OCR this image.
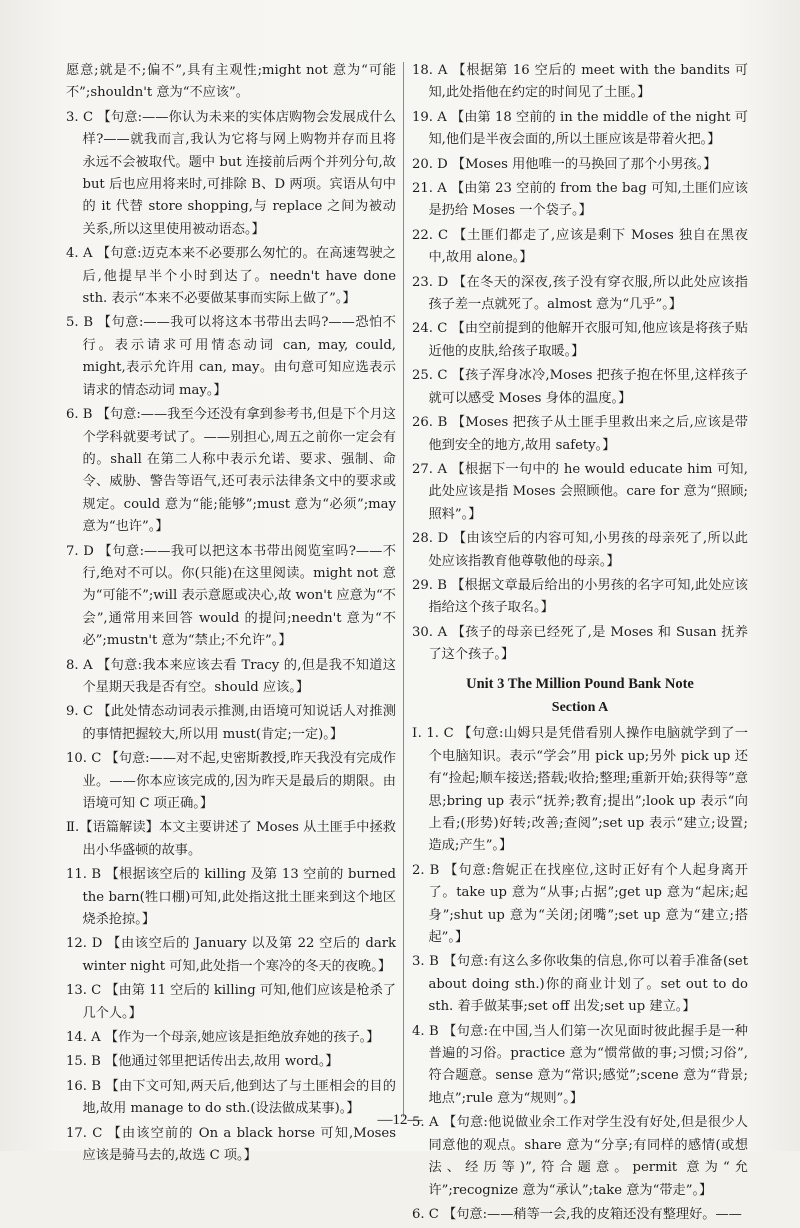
愿意;就是不;偏不”,具有主观性;might not 意为“可能不”;shouldn't 意为“不应该”。
3. C 【句意:——你认为未来的实体店购物会发展成什么样?——就我而言,我认为它将与网上购物并存而且将永远不会被取代。题中 but 连接前后两个并列分句,故 but 后也应用将来时,可排除 B、D 两项。宾语从句中的 it 代替 store shopping,与 replace 之间为被动关系,所以这里使用被动语态。】
4. A 【句意:迈克本来不必要那么匆忙的。在高速驾驶之后,他提早半个小时到达了。needn't have done sth. 表示“本来不必要做某事而实际上做了”。】
5. B 【句意:——我可以将这本书带出去吗?——恐怕不行。表示请求可用情态动词 can, may, could, might,表示允许用 can, may。由句意可知应选表示请求的情态动词 may。】
6. B 【句意:——我至今还没有拿到参考书,但是下个月这个学科就要考试了。——别担心,周五之前你一定会有的。shall 在第二人称中表示允诺、要求、强制、命令、威胁、警告等语气,还可表示法律条文中的要求或规定。could 意为“能;能够”;must 意为“必须”;may 意为“也许”。】
7. D 【句意:——我可以把这本书带出阅览室吗?——不行,绝对不可以。你(只能)在这里阅读。might not 意为“可能不”;will 表示意愿或决心,故 won't 应意为“不会”,通常用来回答 would 的提问;needn't 意为“不必”;mustn't 意为“禁止;不允许”。】
8. A 【句意:我本来应该去看 Tracy 的,但是我不知道这个星期天我是否有空。should 应该。】
9. C 【此处情态动词表示推测,由语境可知说话人对推测的事情把握较大,所以用 must(肯定;一定)。】
10. C 【句意:——对不起,史密斯教授,昨天我没有完成作业。——你本应该完成的,因为昨天是最后的期限。由语境可知 C 项正确。】
Ⅱ.【语篇解读】本文主要讲述了 Moses 从土匪手中拯救出小华盛顿的故事。
11. B 【根据该空后的 killing 及第 13 空前的 burned the barn(牲口棚)可知,此处指这批土匪来到这个地区烧杀抢掠。】
12. D 【由该空后的 January 以及第 22 空后的 dark winter night 可知,此处指一个寒冷的冬天的夜晚。】
13. C 【由第 11 空后的 killing 可知,他们应该是枪杀了几个人。】
14. A 【作为一个母亲,她应该是拒绝放弃她的孩子。】
15. B 【他通过邻里把话传出去,故用 word。】
16. B 【由下文可知,两天后,他到达了与土匪相会的目的地,故用 manage to do sth.(设法做成某事)。】
17. C 【由该空前的 On a black horse 可知,Moses 应该是骑马去的,故选 C 项。】
18. A 【根据第 16 空后的 meet with the bandits 可知,此处指他在约定的时间见了土匪。】
19. A 【由第 18 空前的 in the middle of the night 可知,他们是半夜会面的,所以土匪应该是带着火把。】
20. D 【Moses 用他唯一的马换回了那个小男孩。】
21. A 【由第 23 空前的 from the bag 可知,土匪们应该是扔给 Moses 一个袋子。】
22. C 【土匪们都走了,应该是剩下 Moses 独自在黑夜中,故用 alone。】
23. D 【在冬天的深夜,孩子没有穿衣服,所以此处应该指孩子差一点就死了。almost 意为“几乎”。】
24. C 【由空前提到的他解开衣服可知,他应该是将孩子贴近他的皮肤,给孩子取暖。】
25. C 【孩子浑身冰冷,Moses 把孩子抱在怀里,这样孩子就可以感受 Moses 身体的温度。】
26. B 【Moses 把孩子从土匪手里救出来之后,应该是带他到安全的地方,故用 safety。】
27. A 【根据下一句中的 he would educate him 可知,此处应该是指 Moses 会照顾他。care for 意为“照顾;照料”。】
28. D 【由该空后的内容可知,小男孩的母亲死了,所以此处应该指教育他尊敬他的母亲。】
29. B 【根据文章最后给出的小男孩的名字可知,此处应该指给这个孩子取名。】
30. A 【孩子的母亲已经死了,是 Moses 和 Susan 抚养了这个孩子。】
Unit 3 The Million Pound Bank Note
Section A
Ⅰ. 1. C 【句意:山姆只是凭借看别人操作电脑就学到了一个电脑知识。表示“学会”用 pick up;另外 pick up 还有“捡起;顺车接送;搭载;收拾;整理;重新开始;获得等”意思;bring up 表示“抚养;教育;提出”;look up 表示“向上看;(形势)好转;改善;查阅”;set up 表示“建立;设置;造成;产生”。】
2. B 【句意:詹妮正在找座位,这时正好有个人起身离开了。take up 意为“从事;占据”;get up 意为“起床;起身”;shut up 意为“关闭;闭嘴”;set up 意为“建立;搭起”。】
3. B 【句意:有这么多你收集的信息,你可以着手准备(set about doing sth.)你的商业计划了。set out to do sth. 着手做某事;set off 出发;set up 建立。】
4. B 【句意:在中国,当人们第一次见面时彼此握手是一种普遍的习俗。practice 意为“惯常做的事;习惯;习俗”,符合题意。sense 意为“常识;感觉”;scene 意为“背景;地点”;rule 意为“规则”。】
5. A 【句意:他说做业余工作对学生没有好处,但是很少人同意他的观点。share 意为“分享;有同样的感情(或想法、经历等)”,符合题意。permit 意为“允许”;recognize 意为“承认”;take 意为“带走”。】
6. C 【句意:——稍等一会,我的皮箱还没有整理好。——
—12—
